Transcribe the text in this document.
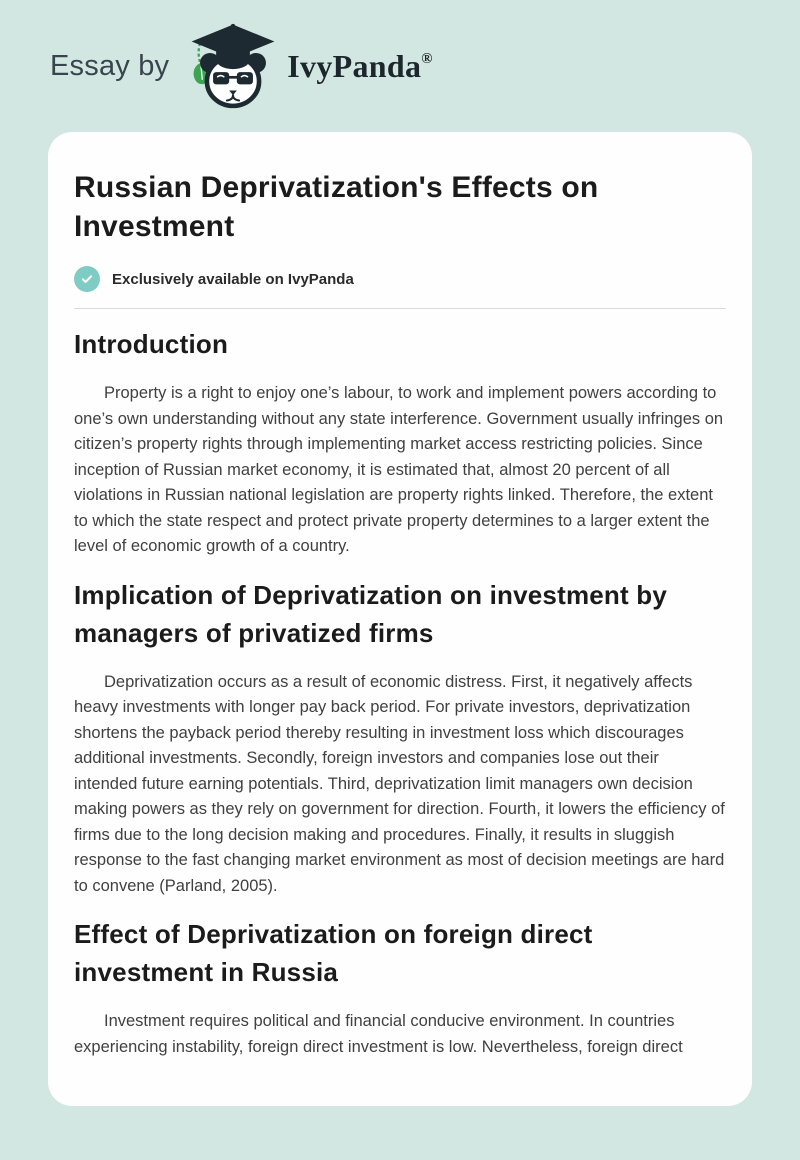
Essay by	IvyPanda®
Russian Deprivatization's Effects on Investment
Exclusively available on IvyPanda
Introduction

Property is a right to enjoy one’s labour, to work and implement powers according to one’s own understanding without any state interference. Government usually infringes on citizen’s property rights through implementing market access restricting policies. Since inception of Russian market economy, it is estimated that, almost 20 percent of all violations in Russian national legislation are property rights linked. Therefore, the extent to which the state respect and protect private property determines to a larger extent the level of economic growth of a country.

Implication of Deprivatization on investment by managers of privatized firms

Deprivatization occurs as a result of economic distress. First, it negatively affects heavy investments with longer pay back period. For private investors, deprivatization shortens the payback period thereby resulting in investment loss which discourages additional investments. Secondly, foreign investors and companies lose out their intended future earning potentials. Third, deprivatization limit managers own decision making powers as they rely on government for direction. Fourth, it lowers the efficiency of firms due to the long decision making and procedures. Finally, it results in sluggish response to the fast changing market environment as most of decision meetings are hard to convene (Parland, 2005).

Effect of Deprivatization on foreign direct investment in Russia

Investment requires political and financial conducive environment. In countries experiencing instability, foreign direct investment is low. Nevertheless, foreign direct
